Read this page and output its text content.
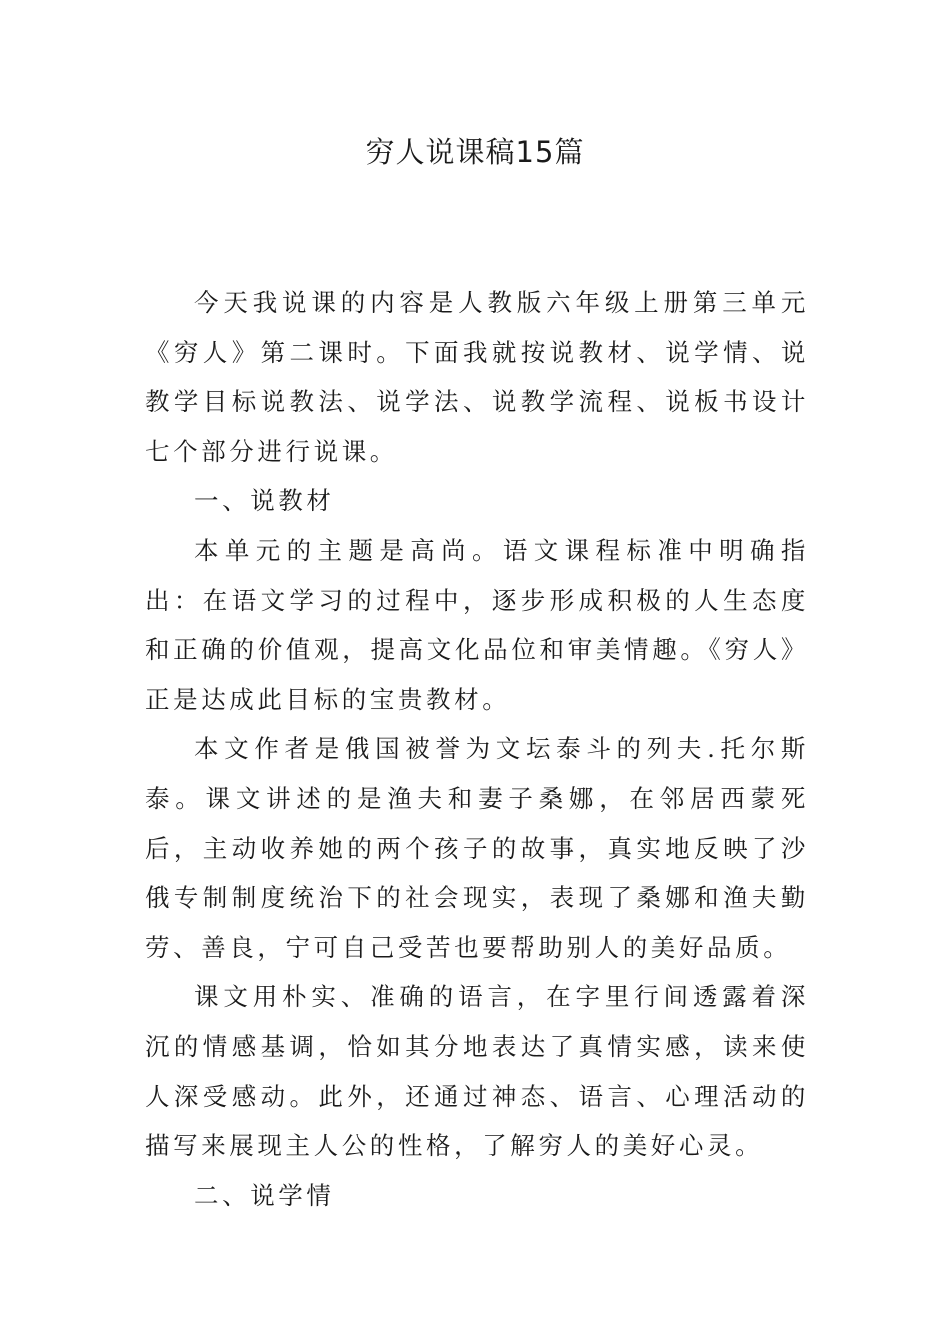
穷人说课稿15篇

今天我说课的内容是人教版六年级上册第三单元《穷人》第二课时。下面我就按说教材、说学情、说教学目标说教法、说学法、说教学流程、说板书设计七个部分进行说课。

一、说教材

本单元的主题是高尚。语文课程标准中明确指出：在语文学习的过程中，逐步形成积极的人生态度和正确的价值观，提高文化品位和审美情趣。《穷人》正是达成此目标的宝贵教材。

本文作者是俄国被誉为文坛泰斗的列夫.托尔斯泰。课文讲述的是渔夫和妻子桑娜，在邻居西蒙死后，主动收养她的两个孩子的故事，真实地反映了沙俄专制制度统治下的社会现实，表现了桑娜和渔夫勤劳、善良，宁可自己受苦也要帮助别人的美好品质。

课文用朴实、准确的语言，在字里行间透露着深沉的情感基调，恰如其分地表达了真情实感，读来使人深受感动。此外，还通过神态、语言、心理活动的描写来展现主人公的性格，了解穷人的美好心灵。

二、说学情
